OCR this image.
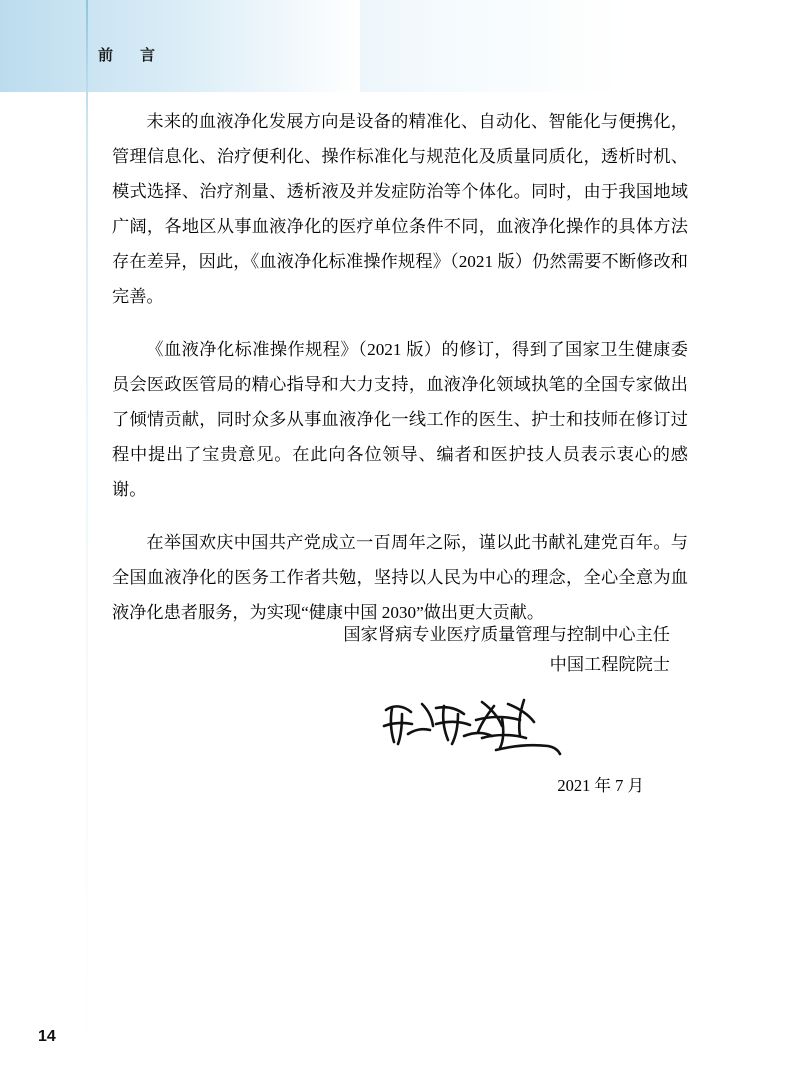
前　言

未来的血液净化发展方向是设备的精准化、自动化、智能化与便携化，管理信息化、治疗便利化、操作标准化与规范化及质量同质化，透析时机、模式选择、治疗剂量、透析液及并发症防治等个体化。同时，由于我国地域广阔，各地区从事血液净化的医疗单位条件不同，血液净化操作的具体方法存在差异，因此，《血液净化标准操作规程》（2021 版）仍然需要不断修改和完善。

《血液净化标准操作规程》（2021 版）的修订，得到了国家卫生健康委员会医政医管局的精心指导和大力支持，血液净化领域执笔的全国专家做出了倾情贡献，同时众多从事血液净化一线工作的医生、护士和技师在修订过程中提出了宝贵意见。在此向各位领导、编者和医护技人员表示衷心的感谢。

在举国欢庆中国共产党成立一百周年之际，谨以此书献礼建党百年。与全国血液净化的医务工作者共勉，坚持以人民为中心的理念，全心全意为血液净化患者服务，为实现“健康中国 2030”做出更大贡献。

国家肾病专业医疗质量管理与控制中心主任
中国工程院院士
2021 年 7 月
14
